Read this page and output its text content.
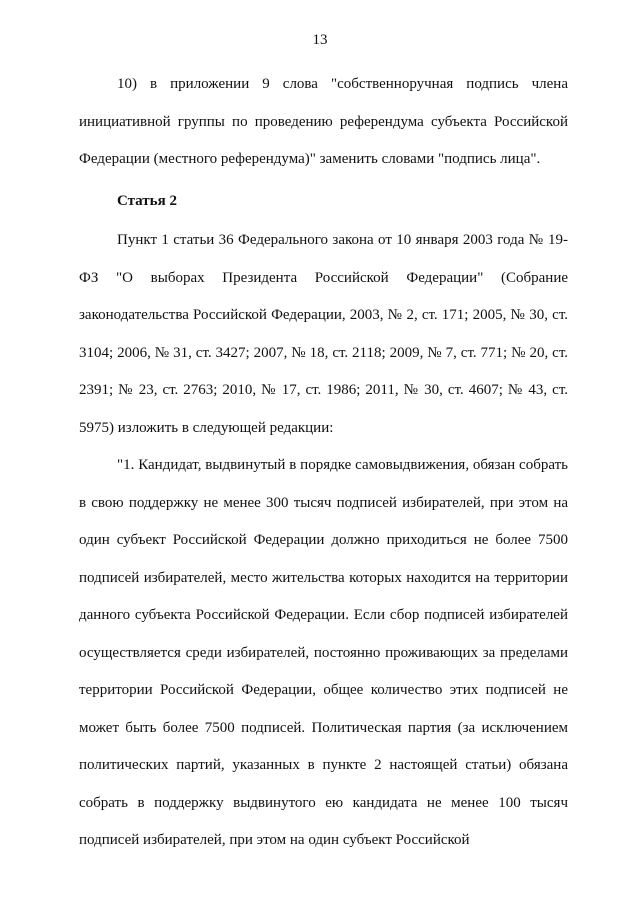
13

10) в приложении 9 слова "собственноручная подпись члена инициативной группы по проведению референдума субъекта Российской Федерации (местного референдума)" заменить словами "подпись лица".

Статья 2

Пункт 1 статьи 36 Федерального закона от 10 января 2003 года № 19-ФЗ "О выборах Президента Российской Федерации" (Собрание законодательства Российской Федерации, 2003, № 2, ст. 171; 2005, № 30, ст. 3104; 2006, № 31, ст. 3427; 2007, № 18, ст. 2118; 2009, № 7, ст. 771; № 20, ст. 2391; № 23, ст. 2763; 2010, № 17, ст. 1986; 2011, № 30, ст. 4607; № 43, ст. 5975) изложить в следующей редакции:

"1. Кандидат, выдвинутый в порядке самовыдвижения, обязан собрать в свою поддержку не менее 300 тысяч подписей избирателей, при этом на один субъект Российской Федерации должно приходиться не более 7500 подписей избирателей, место жительства которых находится на территории данного субъекта Российской Федерации. Если сбор подписей избирателей осуществляется среди избирателей, постоянно проживающих за пределами территории Российской Федерации, общее количество этих подписей не может быть более 7500 подписей. Политическая партия (за исключением политических партий, указанных в пункте 2 настоящей статьи) обязана собрать в поддержку выдвинутого ею кандидата не менее 100 тысяч подписей избирателей, при этом на один субъект Российской
